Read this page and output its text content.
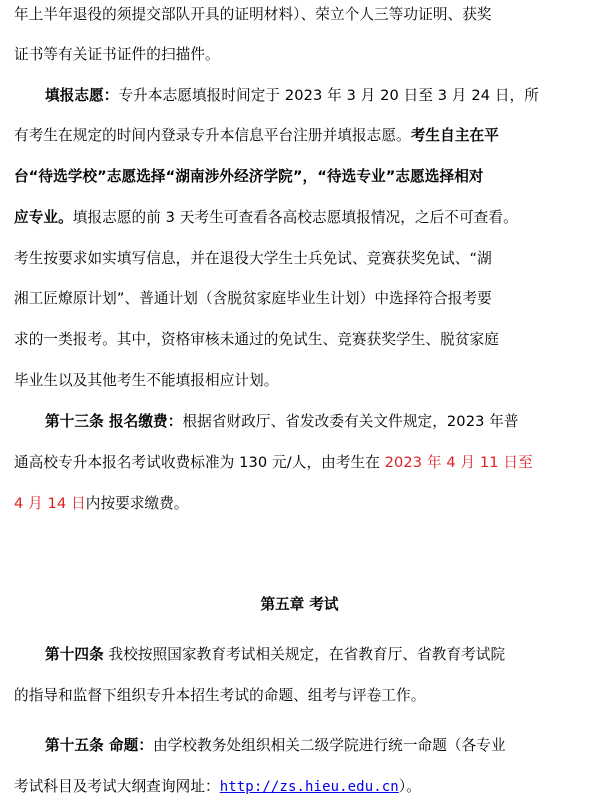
年上半年退役的须提交部队开具的证明材料）、荣立个人三等功证明、获奖
证书等有关证书证件的扫描件。
填报志愿：专升本志愿填报时间定于 2023 年 3 月 20 日至 3 月 24 日，所
有考生在规定的时间内登录专升本信息平台注册并填报志愿。考生自主在平
台“待选学校”志愿选择“湖南涉外经济学院”，“待选专业”志愿选择相对
应专业。填报志愿的前 3 天考生可查看各高校志愿填报情况，之后不可查看。
考生按要求如实填写信息，并在退役大学生士兵免试、竞赛获奖免试、“湖
湘工匠燎原计划”、普通计划（含脱贫家庭毕业生计划）中选择符合报考要
求的一类报考。其中，资格审核未通过的免试生、竞赛获奖学生、脱贫家庭
毕业生以及其他考生不能填报相应计划。
第十三条 报名缴费：根据省财政厅、省发改委有关文件规定，2023 年普
通高校专升本报名考试收费标准为 130 元/人，由考生在 2023 年 4 月 11 日至
4 月 14 日内按要求缴费。
第五章 考试
第十四条 我校按照国家教育考试相关规定，在省教育厅、省教育考试院
的指导和监督下组织专升本招生考试的命题、组考与评卷工作。
第十五条 命题：由学校教务处组织相关二级学院进行统一命题（各专业
考试科目及考试大纲查询网址：http://zs.hieu.edu.cn）。
